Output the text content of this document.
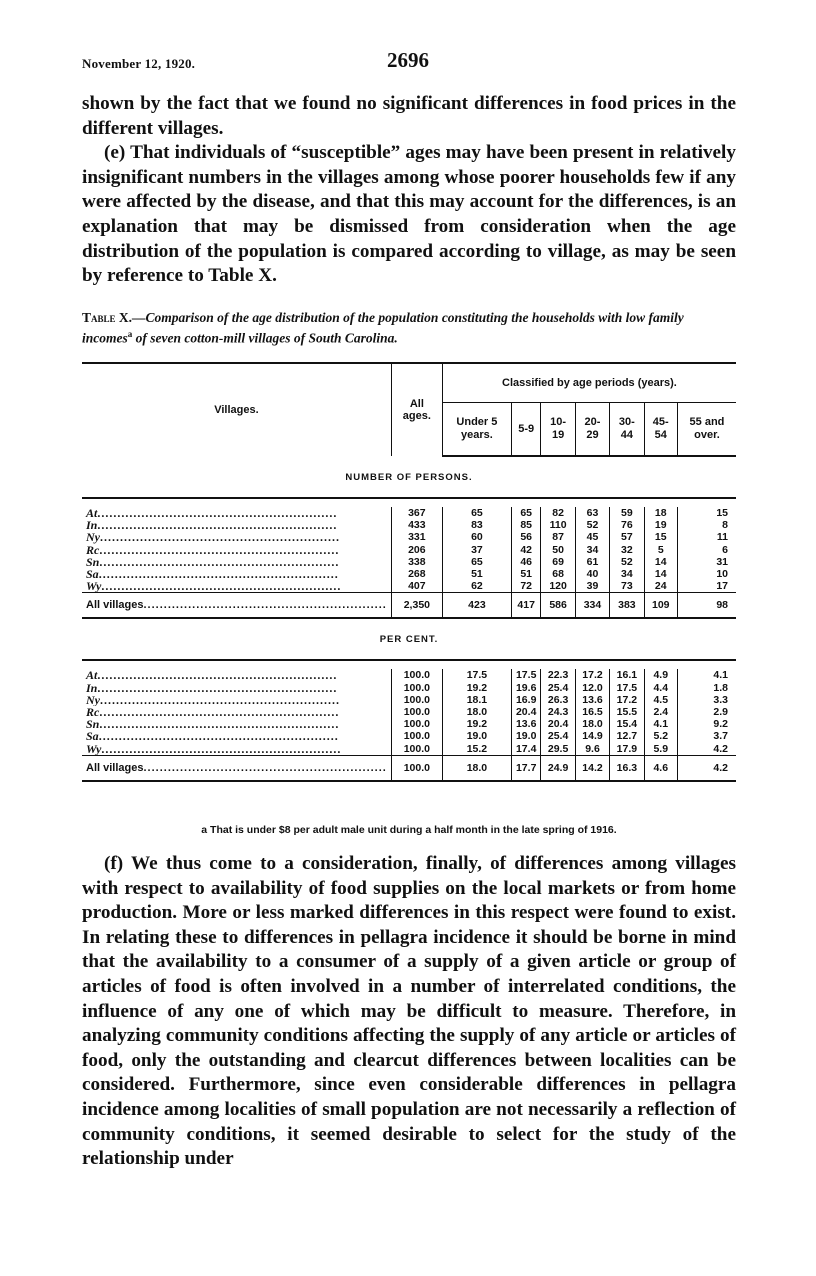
November 12, 1920.	2696

shown by the fact that we found no significant differences in food prices in the different villages.

(e) That individuals of “susceptible” ages may have been present in relatively insignificant numbers in the villages among whose poorer households few if any were affected by the disease, and that this may account for the differences, is an explanation that may be dismissed from consideration when the age distribution of the population is compared according to village, as may be seen by reference to Table X.

Table X.—Comparison of the age distribution of the population constituting the households with low family incomes$^a$ of seven cotton-mill villages of South Carolina.
Villages.	All ages.	Classified by age periods (years).						
		Under 5 years.	5-9	10-19	20-29	30-44	45-54	55 and over.
NUMBER OF PERSONS.								

At............................................................	367	65	65	82	63	59	18	15
In............................................................	433	83	85	110	52	76	19	8
Ny............................................................	331	60	56	87	45	57	15	11
Rc............................................................	206	37	42	50	34	32	5	6
Sn............................................................	338	65	46	69	61	52	14	31
Sa............................................................	268	51	51	68	40	34	14	10
Wy............................................................	407	62	72	120	39	73	24	17
All villages............................................................	2,350	423	417	586	334	383	109	98
PER CENT.								

At............................................................	100.0	17.5	17.5	22.3	17.2	16.1	4.9	4.1
In............................................................	100.0	19.2	19.6	25.4	12.0	17.5	4.4	1.8
Ny............................................................	100.0	18.1	16.9	26.3	13.6	17.2	4.5	3.3
Rc............................................................	100.0	18.0	20.4	24.3	16.5	15.5	2.4	2.9
Sn............................................................	100.0	19.2	13.6	20.4	18.0	15.4	4.1	9.2
Sa............................................................	100.0	19.0	19.0	25.4	14.9	12.7	5.2	3.7
Wy............................................................	100.0	15.2	17.4	29.5	9.6	17.9	5.9	4.2
All villages............................................................	100.0	18.0	17.7	24.9	14.2	16.3	4.6	4.2
a That is under $8 per adult male unit during a half month in the late spring of 1916.

(f) We thus come to a consideration, finally, of differences among villages with respect to availability of food supplies on the local markets or from home production. More or less marked differences in this respect were found to exist. In relating these to differences in pellagra incidence it should be borne in mind that the availability to a consumer of a supply of a given article or group of articles of food is often involved in a number of interrelated conditions, the influence of any one of which may be difficult to measure. Therefore, in analyzing community conditions affecting the supply of any article or articles of food, only the outstanding and clearcut differences between localities can be considered. Furthermore, since even considerable differences in pellagra incidence among localities of small population are not necessarily a reflection of community conditions, it seemed desirable to select for the study of the relationship under
